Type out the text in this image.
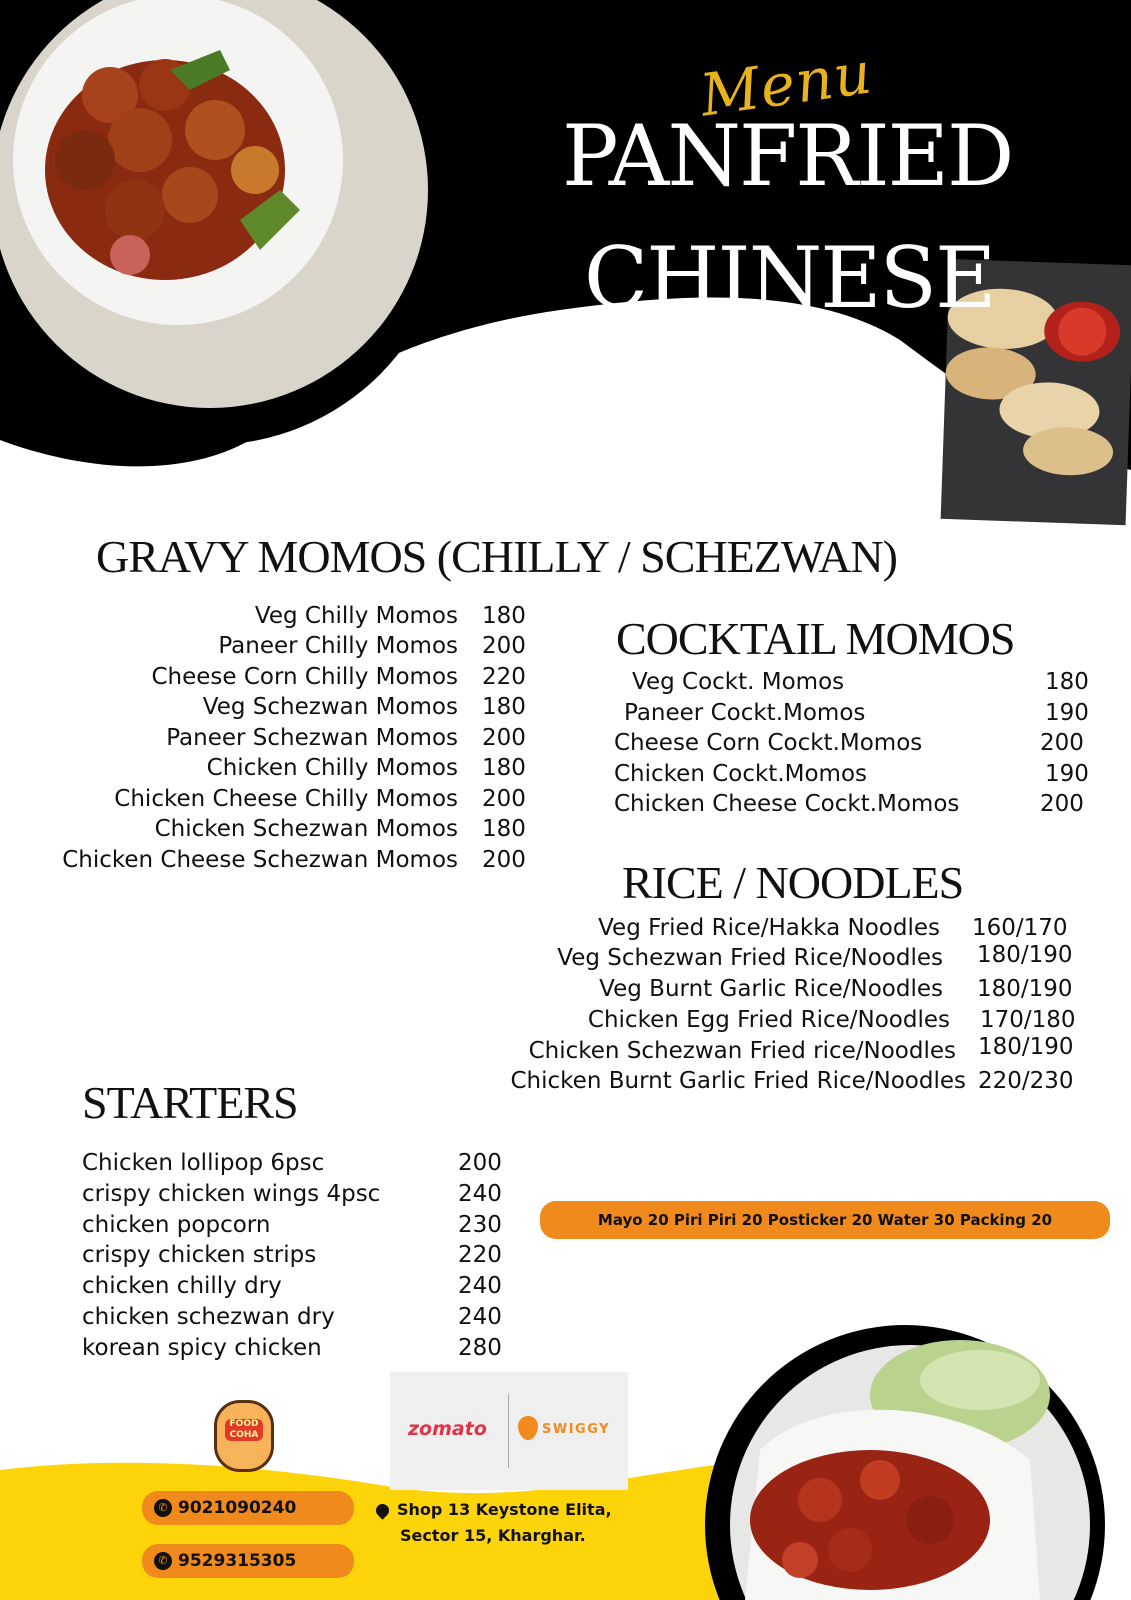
Menu
PANFRIED
CHINESE
GRAVY MOMOS (CHILLY / SCHEZWAN)
Veg Chilly Momos
Paneer Chilly Momos
Cheese Corn Chilly Momos
Veg Schezwan Momos
Paneer Schezwan Momos
Chicken Chilly Momos
Chicken Cheese Chilly Momos
Chicken Schezwan Momos
Chicken Cheese Schezwan Momos
180
200
220
180
200
180
200
180
200
COCKTAIL MOMOS
Veg Cockt. Momos
Paneer Cockt.Momos
Cheese Corn Cockt.Momos
Chicken Cockt.Momos
Chicken Cheese Cockt.Momos
180
190
200
190
200
RICE / NOODLES
Veg Fried Rice/Hakka Noodles
Veg Schezwan Fried Rice/Noodles
Veg Burnt Garlic Rice/Noodles
Chicken Egg Fried Rice/Noodles
Chicken Schezwan Fried rice/Noodles
Chicken Burnt Garlic Fried Rice/Noodles
160/170
180/190
180/190
170/180
180/190
220/230
STARTERS
Chicken lollipop 6psc
crispy chicken wings 4psc
chicken popcorn
crispy chicken strips
chicken chilly dry
chicken schezwan dry
korean spicy chicken
200
240
230
220
240
240
280
Mayo 20 Piri Piri 20 Posticker 20 Water 30 Packing 20
FOOD COHA	zomato	SWIGGY
✆ 9021090240
✆ 9529315305
Shop 13 Keystone Elita,
Sector 15, Kharghar.
